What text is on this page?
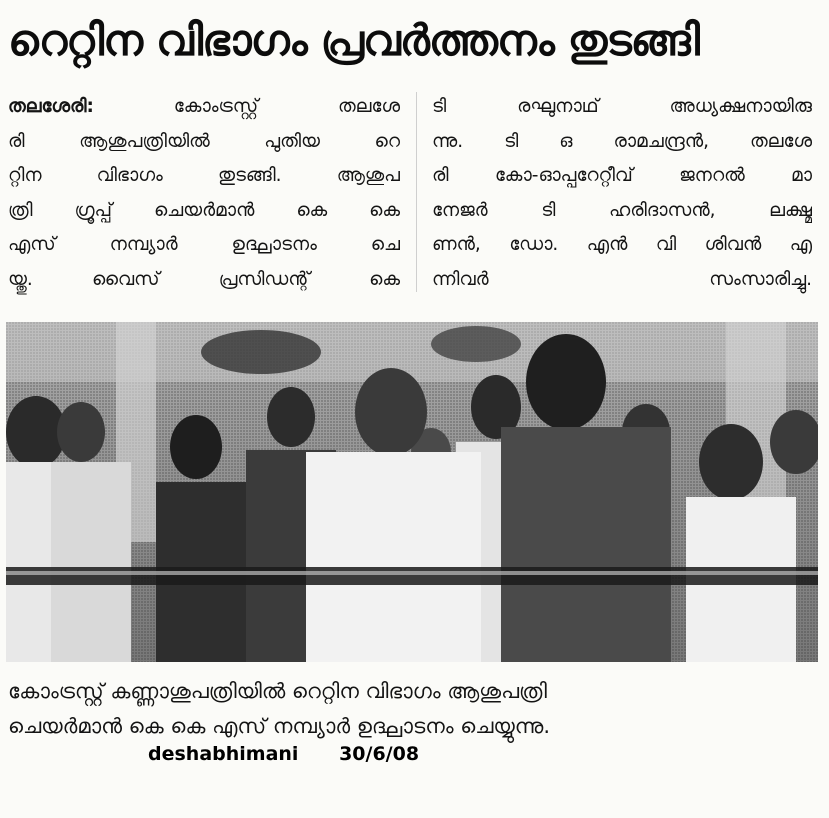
റെറ്റിന വിഭാഗം പ്രവർത്തനം തുടങ്ങി
തലശേരി:	കോംട്രസ്റ്റ് തലശേ
രി ആശുപത്രിയിൽ പുതിയ റെ
റ്റിന വിഭാഗം തുടങ്ങി. ആശുപ
ത്രി ഗ്രൂപ്പ് ചെയർമാൻ കെ കെ
എസ് നമ്പ്യാർ ഉദ്ഘാടനം ചെ
യ്തു. വൈസ് പ്രസിഡന്റ് കെ
ടി രഘുനാഥ് അധ്യക്ഷനായിരു
ന്നു. ടി ഒ രാമചന്ദ്രൻ, തലശേ
രി കോ-ഓപ്പറേറ്റീവ് ജനറൽ മാ
നേജർ ടി ഹരിദാസൻ, ലക്ഷ്മ
ണൻ, ഡോ. എൻ വി ശിവൻ എ
ന്നിവർ സംസാരിച്ചു.
കോംട്രസ്റ്റ് കണ്ണാശുപത്രിയിൽ റെറ്റിന വിഭാഗം ആശുപത്രി
ചെയർമാൻ കെ കെ എസ് നമ്പ്യാർ ഉദ്ഘാടനം ചെയ്യുന്നു.
deshabhimani 30/6/08
